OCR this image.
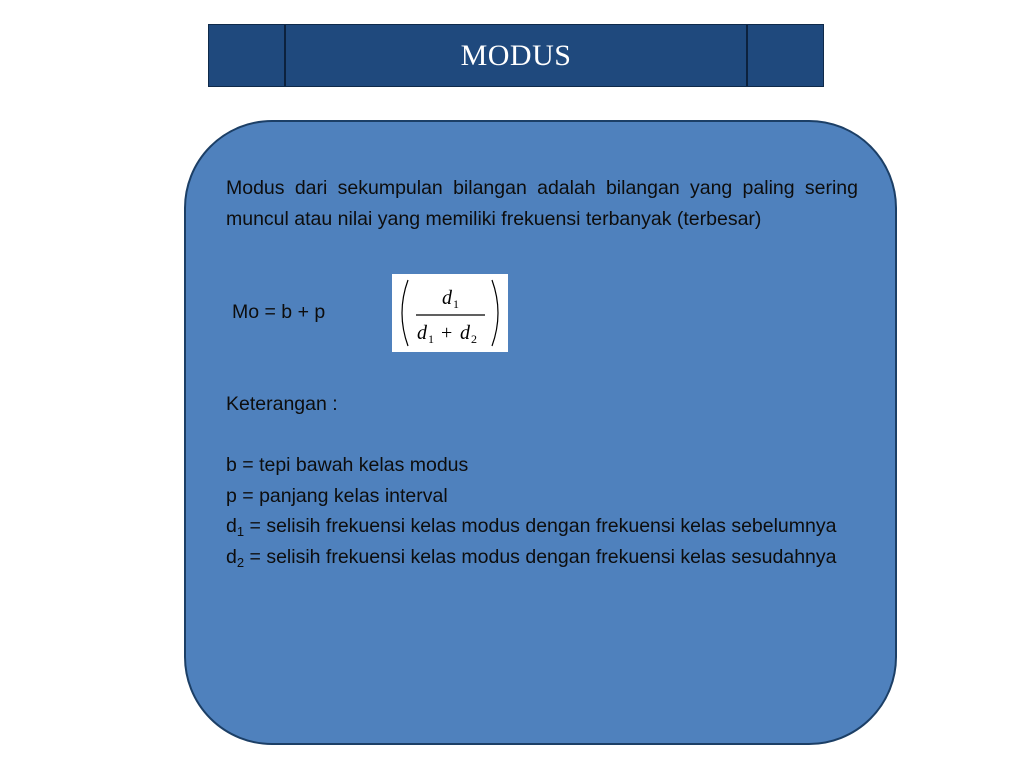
MODUS
Modus dari sekumpulan bilangan adalah bilangan yang paling sering muncul atau nilai yang memiliki frekuensi terbanyak (terbesar)
Mo = b + p
d 1
d 1 + d 2

Keterangan :

b = tepi bawah kelas modus

p = panjang kelas interval

$d_1$ = selisih frekuensi kelas modus dengan frekuensi kelas sebelumnya

$d_2$ = selisih frekuensi kelas modus dengan frekuensi kelas sesudahnya
